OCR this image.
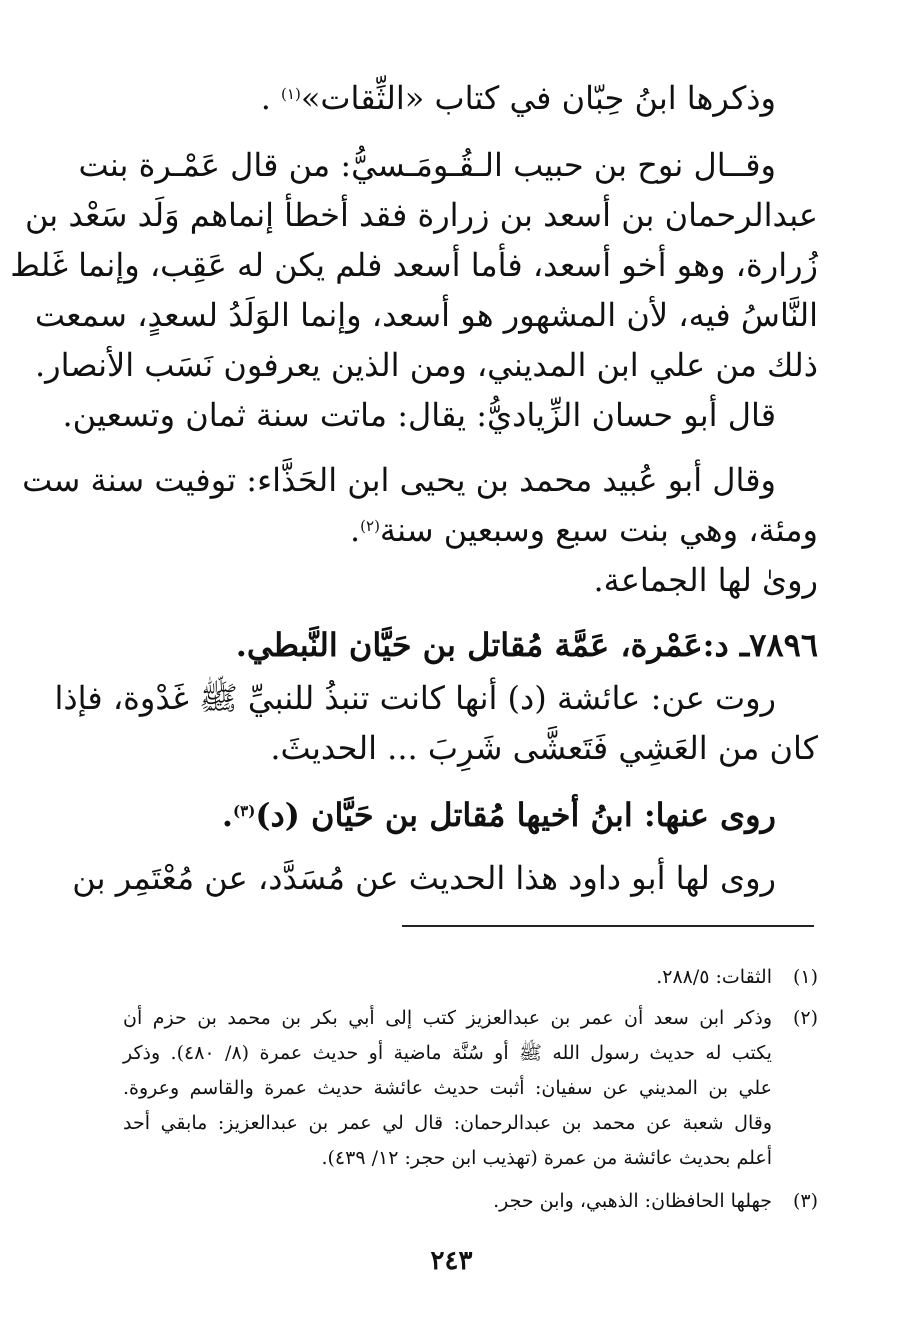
وذكرها ابنُ حِبّان في كتاب «الثِّقات»$^{(١)}$ .
وقــال نوح بن حبيب الـقُـومَـسيُّ: من قال عَمْـرة بنت
عبدالرحمان بن أسعد بن زرارة فقد أخطأ إنماهم وَلَد سَعْد بن
زُرارة، وهو أخو أسعد، فأما أسعد فلم يكن له عَقِب، وإنما غَلط
النَّاسُ فيه، لأن المشهور هو أسعد، وإنما الوَلَدُ لسعدٍ، سمعت
ذلك من علي ابن المديني، ومن الذين يعرفون نَسَب الأنصار.
قال أبو حسان الزِّياديُّ: يقال: ماتت سنة ثمان وتسعين.
وقال أبو عُبيد محمد بن يحيى ابن الحَذَّاء: توفيت سنة ست
ومئة، وهي بنت سبع وسبعين سنة$^{(٢)}$.
روىٰ لها الجماعة.
٧٨٩٦ـ د:عَمْرة، عَمَّة مُقاتل بن حَيَّان النَّبطي.
روت عن: عائشة (د) أنها كانت تنبذُ للنبيِّ ﷺ غَدْوة، فإذا
كان من العَشِي فَتَعشَّى شَرِبَ ... الحديثَ.
روى عنها: ابنُ أخيها مُقاتل بن حَيَّان (د)$^{(٣)}$.
روى لها أبو داود هذا الحديث عن مُسَدَّد، عن مُعْتَمِر بن
(١)
الثقات: ٢٨٨/٥.
(٢)
وذكر ابن سعد أن عمر بن عبدالعزيز كتب إلى أبي بكر بن محمد بن حزم أن
يكتب له حديث رسول الله ﷺ أو سُنَّة ماضية أو حديث عمرة (٨/ ٤٨٠). وذكر
علي بن المديني عن سفيان: أثبت حديث عائشة حديث عمرة والقاسم وعروة.
وقال شعبة عن محمد بن عبدالرحمان: قال لي عمر بن عبدالعزيز: مابقي أحد
أعلم بحديث عائشة من عمرة (تهذيب ابن حجر: ١٢/ ٤٣٩).
(٣)
جهلها الحافظان: الذهبي، وابن حجر.
٢٤٣
